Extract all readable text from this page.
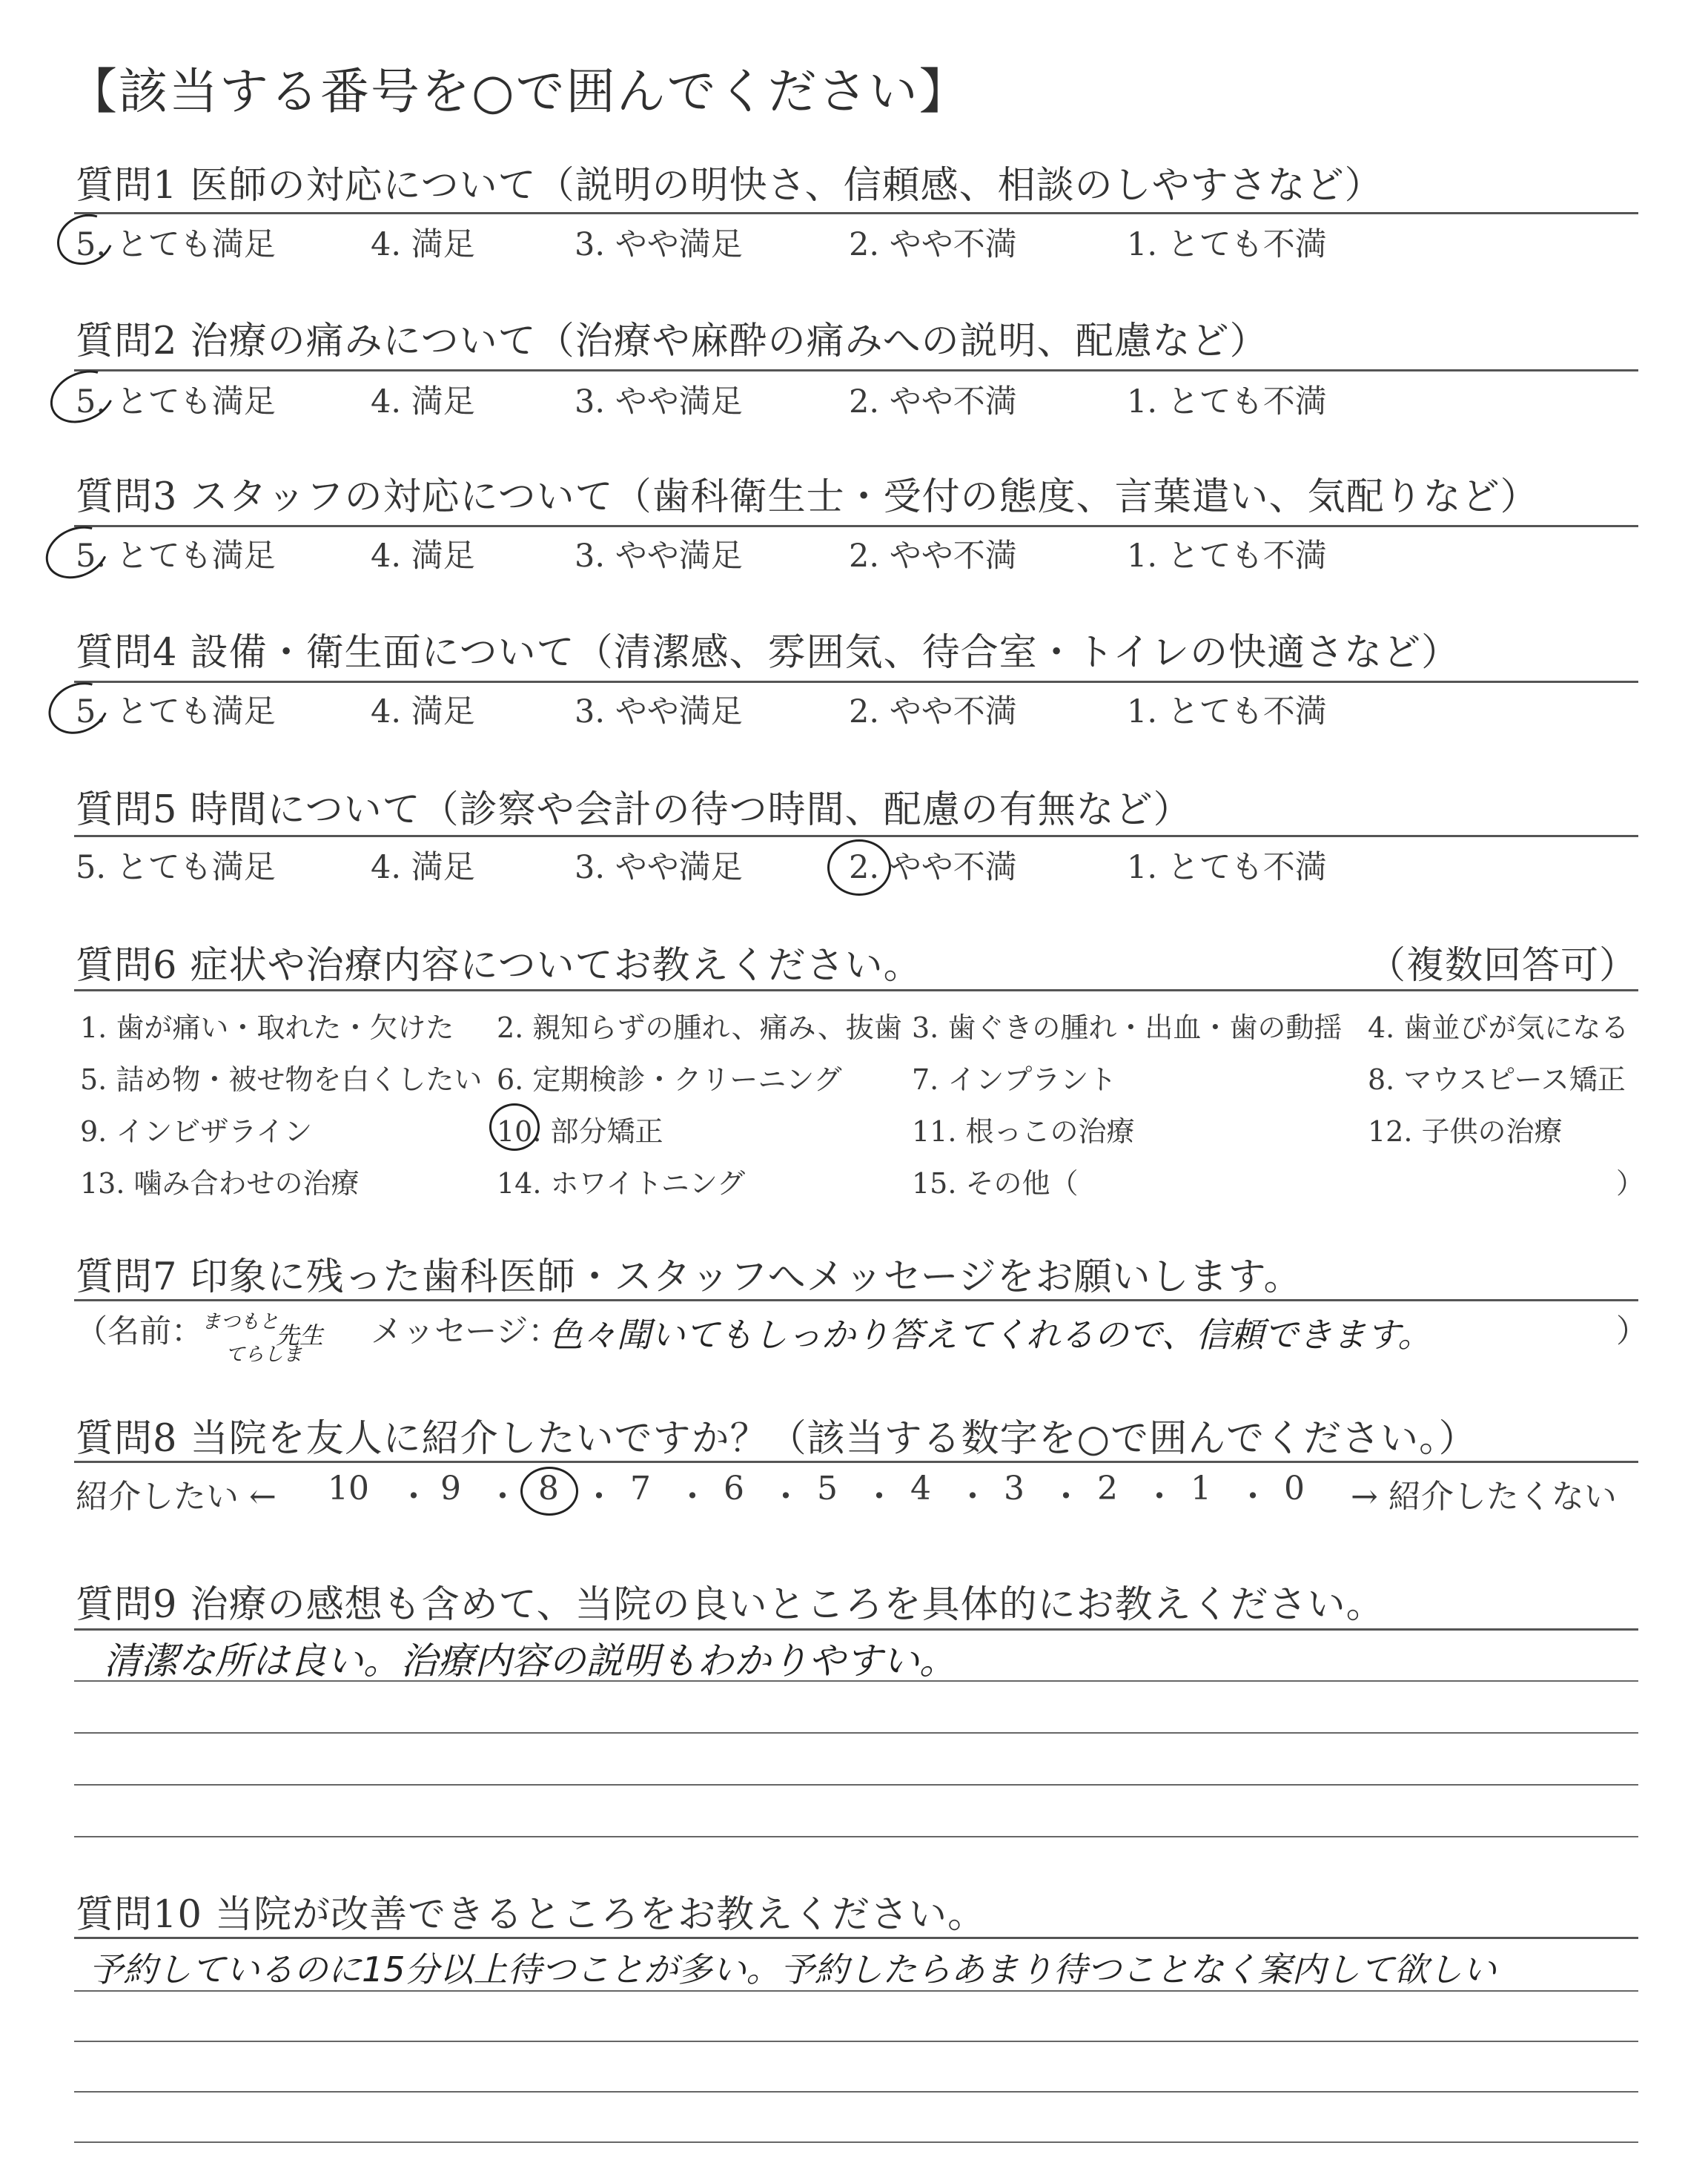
【該当する番号を○で囲んでください】
質問1 医師の対応について（説明の明快さ、信頼感、相談のしやすさなど）
5. とても満足	4. 満足	3. やや満足	2. やや不満	1. とても不満
質問2 治療の痛みについて（治療や麻酔の痛みへの説明、配慮など）
5. とても満足	4. 満足	3. やや満足	2. やや不満	1. とても不満
質問3 スタッフの対応について（歯科衛生士・受付の態度、言葉遣い、気配りなど）
5. とても満足	4. 満足	3. やや満足	2. やや不満	1. とても不満
質問4 設備・衛生面について（清潔感、雰囲気、待合室・トイレの快適さなど）
5. とても満足	4. 満足	3. やや満足	2. やや不満	1. とても不満
質問5 時間について（診察や会計の待つ時間、配慮の有無など）
5. とても満足	4. 満足	3. やや満足	2. やや不満	1. とても不満
質問6 症状や治療内容についてお教えください。	（複数回答可）
1. 歯が痛い・取れた・欠けた 2. 親知らずの腫れ、痛み、抜歯 3. 歯ぐきの腫れ・出血・歯の動揺 4. 歯並びが気になる
5. 詰め物・被せ物を白くしたい 6. 定期検診・クリーニング 7. インプラント	8. マウスピース矯正
9. インビザライン	10. 部分矯正	11. 根っこの治療	12. 子供の治療
13. 噛み合わせの治療	14. ホワイトニング	15. その他（	）
質問7 印象に残った歯科医師・スタッフへメッセージをお願いします。
（名前：
まつもと
てらしま
先生 メッセージ：
色々聞いてもしっかり答えてくれるので、信頼できます。	）
質問8 当院を友人に紹介したいですか？（該当する数字を○で囲んでください。）
紹介したい ← 10 ・ 9 ・ 8 ・ 7 ・ 6 ・ 5 ・ 4 ・ 3 ・ 2 ・ 1 ・ 0 → 紹介したくない
質問9 治療の感想も含めて、当院の良いところを具体的にお教えください。
清潔な所は良い。治療内容の説明もわかりやすい。
質問10 当院が改善できるところをお教えください。
予約しているのに15分以上待つことが多い。予約したらあまり待つことなく案内して欲しい
